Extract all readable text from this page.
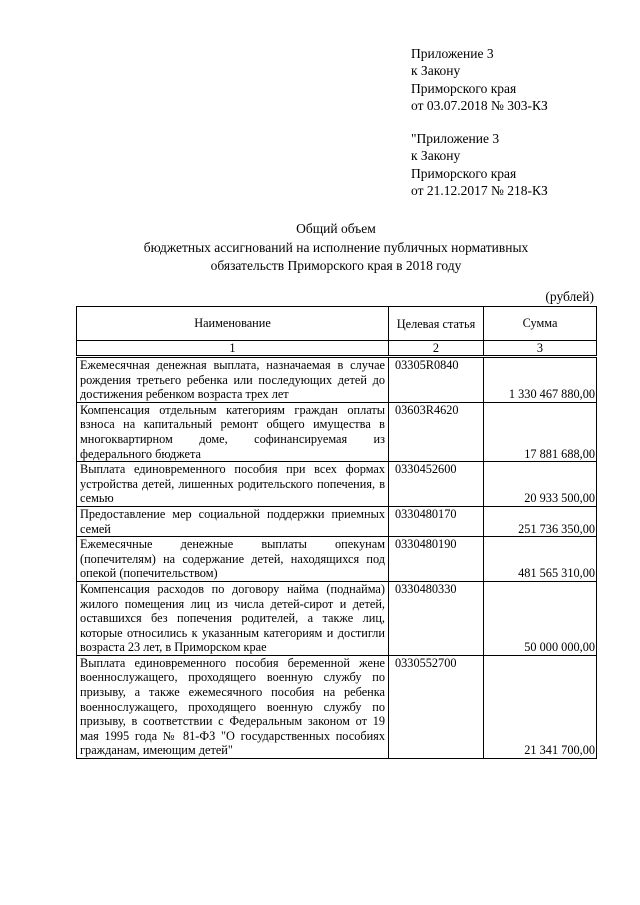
Приложение 3
к Закону
Приморского края
от 03.07.2018 № 303-КЗ
"Приложение 3
к Закону
Приморского края
от 21.12.2017 № 218-КЗ
Общий объем
бюджетных ассигнований на исполнение публичных нормативных
обязательств Приморского края в 2018 году
(рублей)
Наименование	Целевая статья	Сумма
1	2	3
Ежемесячная денежная выплата, назначаемая в случае рождения третьего ребенка или последующих детей до достижения ребенком возраста трех лет	03305R0840	1 330 467 880,00
Компенсация отдельным категориям граждан оплаты взноса на капитальный ремонт общего имущества в многоквартирном доме, софинансируемая из федерального бюджета	03603R4620	17 881 688,00
Выплата единовременного пособия при всех формах устройства детей, лишенных родительского попечения, в семью	0330452600	20 933 500,00
Предоставление мер социальной поддержки приемных семей	0330480170	251 736 350,00
Ежемесячные денежные выплаты опекунам (попечителям) на содержание детей, находящихся под опекой (попечительством)	0330480190	481 565 310,00
Компенсация расходов по договору найма (поднайма) жилого помещения лиц из числа детей-сирот и детей, оставшихся без попечения родителей, а также лиц, которые относились к указанным категориям и достигли возраста 23 лет, в Приморском крае	0330480330	50 000 000,00
Выплата единовременного пособия беременной жене военнослужащего, проходящего военную службу по призыву, а также ежемесячного пособия на ребенка военнослужащего, проходящего военную службу по призыву, в соответствии с Федеральным законом от 19 мая 1995 года № 81-ФЗ "О государственных пособиях гражданам, имеющим детей"	0330552700	21 341 700,00
